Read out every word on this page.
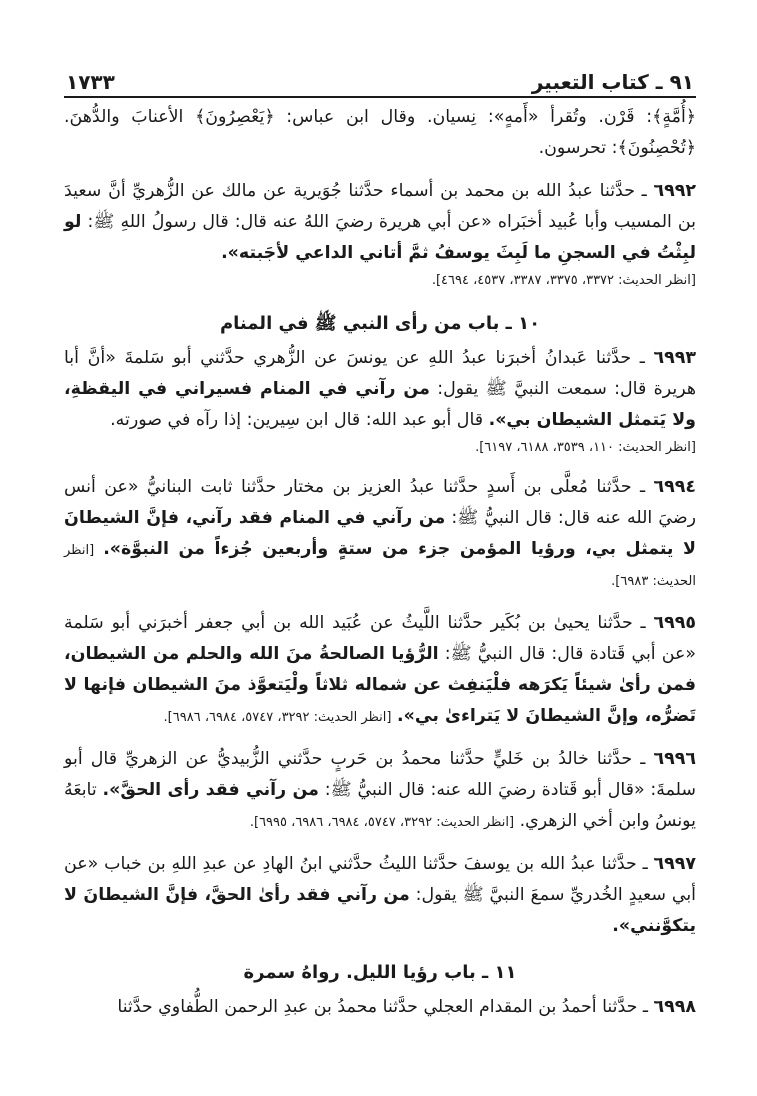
٩١ ـ كتاب التعبير
١٧٣٣

﴿أُمَّةٍ﴾: قَرْن. وتُقرأ «أَمهٍ»: نِسيان. وقال ابن عباس: ﴿يَعْصِرُونَ﴾ الأعنابَ والدُّهنَ. ﴿تُحْصِنُونَ﴾: تحرسون.

٦٩٩٢ ـ حدَّثنا عبدُ الله بن محمد بن أسماء حدَّثنا جُوَيرية عن مالك عن الزُّهريِّ أنَّ سعيدَ بن المسيب وأبا عُبيد أخبَراه «عن أبي هريرة رضيَ اللهُ عنه قال: قال رسولُ اللهِ ﷺ: لو لبِثْتُ في السجنِ ما لَبِثَ يوسفُ ثمَّ أتاني الداعي لأجَبته».

[انظر الحديث: ٣٣٧٢، ٣٣٧٥، ٣٣٨٧، ٤٥٣٧، ٤٦٩٤].

١٠ ـ باب من رأى النبي ﷺ في المنام

٦٩٩٣ ـ حدَّثنا عَبدانُ أخبرَنا عبدُ اللهِ عن يونسَ عن الزُّهري حدَّثني أبو سَلمةَ «أنَّ أبا هريرة قال: سمعت النبيَّ ﷺ يقول: من رآني في المنام فسيراني في اليقظةِ، ولا يَتمثل الشيطان بي». قال أبو عبد الله: قال ابن سِيرين: إذا رآه في صورته.

[انظر الحديث: ١١٠، ٣٥٣٩، ٦١٨٨، ٦١٩٧].

٦٩٩٤ ـ حدَّثنا مُعلَّى بن أَسدٍ حدَّثنا عبدُ العزيز بن مختار حدَّثنا ثابت البنانيُّ «عن أنس رضيَ الله عنه قال: قال النبيُّ ﷺ: من رآني في المنام فقد رآني، فإنَّ الشيطانَ لا يتمثل بي، ورؤيا المؤمن جزء من ستةٍ وأربعين جُزءاً من النبوَّة». [انظر الحديث: ٦٩٨٣].

٦٩٩٥ ـ حدَّثنا يحيىٰ بن بُكَير حدَّثنا اللَّيثُ عن عُبَيد الله بن أبي جعفر أخبرَني أبو سَلمة «عن أبي قَتادة قال: قال النبيُّ ﷺ: الرُّؤيا الصالحةُ منَ الله والحلم من الشيطان، فمن رأىٰ شيئاً يَكرَهه فلْيَنفِث عن شماله ثلاثاً ولْيَتعوَّذ منَ الشيطان فإنها لا تَضرُّه، وإنَّ الشيطانَ لا يَتراءىٰ بي». [انظر الحديث: ٣٢٩٢، ٥٧٤٧، ٦٩٨٤، ٦٩٨٦].

٦٩٩٦ ـ حدَّثنا خالدُ بن خَليٍّ حدَّثنا محمدُ بن حَربٍ حدَّثني الزُّبيديُّ عن الزهريِّ قال أبو سلمةَ: «قال أبو قَتادة رضيَ الله عنه: قال النبيُّ ﷺ: من رآني فقد رأى الحقَّ». تابعَهُ يونسُ وابن أخي الزهري. [انظر الحديث: ٣٢٩٢، ٥٧٤٧، ٦٩٨٤، ٦٩٨٦، ٦٩٩٥].

٦٩٩٧ ـ حدَّثنا عبدُ الله بن يوسفَ حدَّثنا الليثُ حدَّثني ابنُ الهادِ عن عبدِ اللهِ بن خباب «عن أبي سعيدٍ الخُدريِّ سمعَ النبيَّ ﷺ يقول: من رآني فقد رأىٰ الحقَّ، فإنَّ الشيطانَ لا يتكوَّنني».

١١ ـ باب رؤيا الليل. رواهُ سمرة

٦٩٩٨ ـ حدَّثنا أحمدُ بن المقدام العجلي حدَّثنا محمدُ بن عبدِ الرحمن الطُّفاوي حدَّثنا
